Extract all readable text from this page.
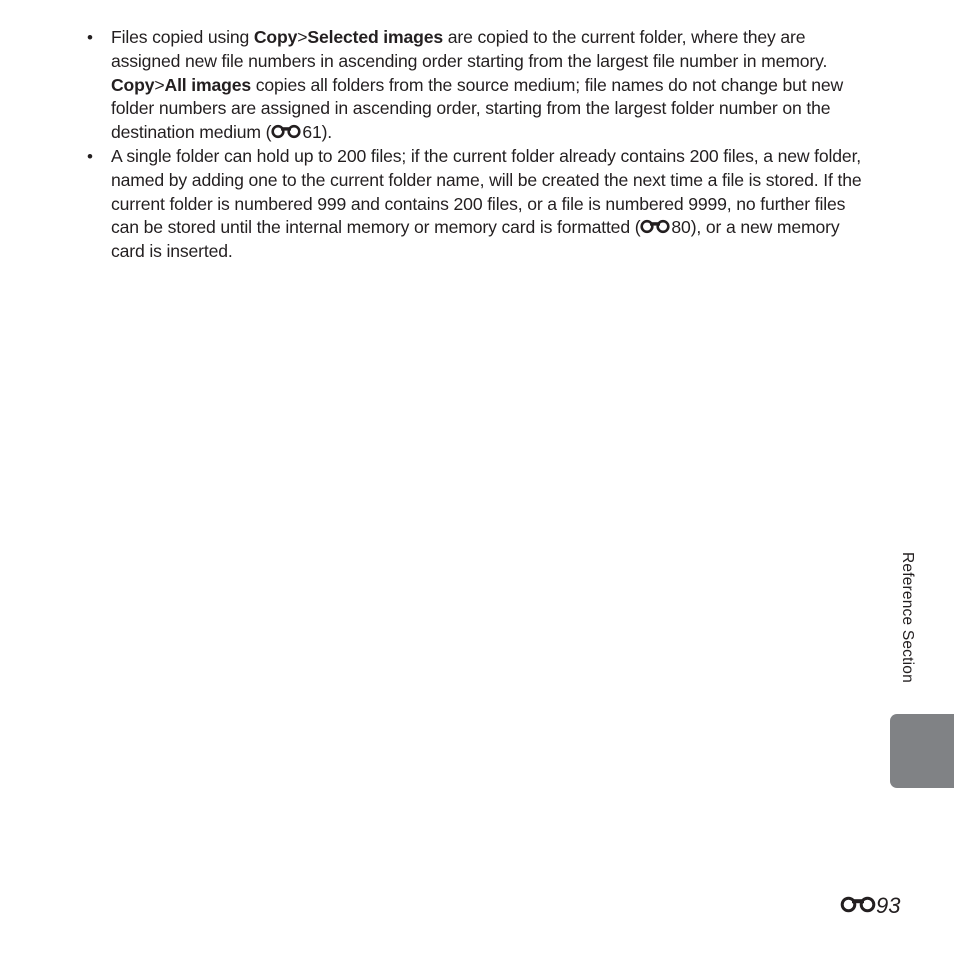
• Files copied using Copy>Selected images are copied to the current folder, where they are assigned new file numbers in ascending order starting from the largest file number in memory. Copy>All images copies all folders from the source medium; file names do not change but new folder numbers are assigned in ascending order, starting from the largest folder number on the destination medium ( 61).
• A single folder can hold up to 200 files; if the current folder already contains 200 files, a new folder, named by adding one to the current folder name, will be created the next time a file is stored. If the current folder is numbered 999 and contains 200 files, or a file is numbered 9999, no further files can be stored until the internal memory or memory card is formatted ( 80), or a new memory card is inserted.
Reference Section
93
